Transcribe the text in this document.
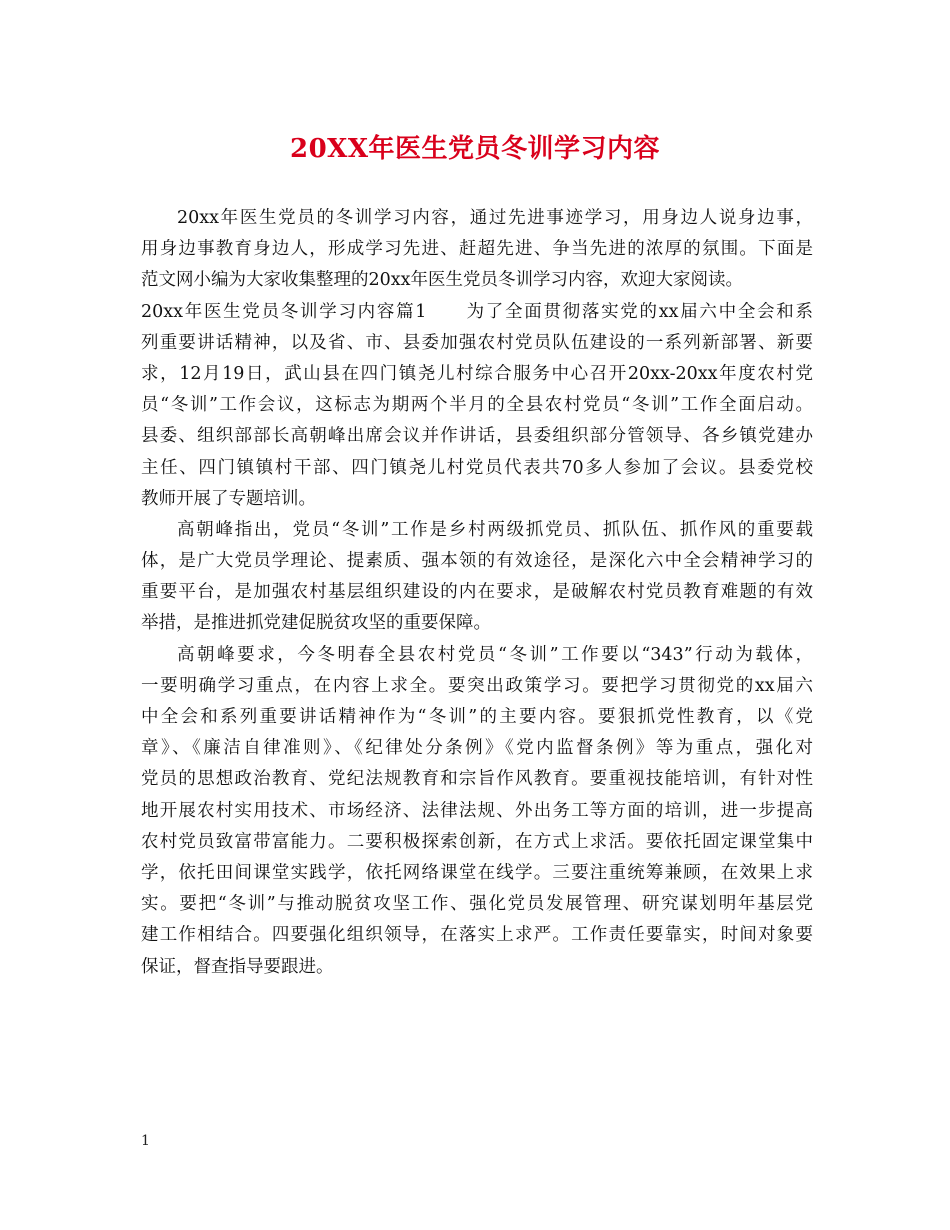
20XX年医生党员冬训学习内容
20xx年医生党员的冬训学习内容，通过先进事迹学习，用身边人说身边事，
用身边事教育身边人，形成学习先进、赶超先进、争当先进的浓厚的氛围。下面是
范文网小编为大家收集整理的20xx年医生党员冬训学习内容，欢迎大家阅读。
20xx年医生党员冬训学习内容篇1　　为了全面贯彻落实党的xx届六中全会和系
列重要讲话精神，以及省、市、县委加强农村党员队伍建设的一系列新部署、新要
求，12月19日，武山县在四门镇尧儿村综合服务中心召开20xx-20xx年度农村党
员“冬训”工作会议，这标志为期两个半月的全县农村党员“冬训”工作全面启动。
县委、组织部部长高朝峰出席会议并作讲话，县委组织部分管领导、各乡镇党建办
主任、四门镇镇村干部、四门镇尧儿村党员代表共70多人参加了会议。县委党校
教师开展了专题培训。
高朝峰指出，党员“冬训”工作是乡村两级抓党员、抓队伍、抓作风的重要载
体，是广大党员学理论、提素质、强本领的有效途径，是深化六中全会精神学习的
重要平台，是加强农村基层组织建设的内在要求，是破解农村党员教育难题的有效
举措，是推进抓党建促脱贫攻坚的重要保障。
高朝峰要求，今冬明春全县农村党员“冬训”工作要以“343”行动为载体，
一要明确学习重点，在内容上求全。要突出政策学习。要把学习贯彻党的xx届六
中全会和系列重要讲话精神作为“冬训”的主要内容。要狠抓党性教育，以《党
章》、《廉洁自律准则》、《纪律处分条例》《党内监督条例》等为重点，强化对
党员的思想政治教育、党纪法规教育和宗旨作风教育。要重视技能培训，有针对性
地开展农村实用技术、市场经济、法律法规、外出务工等方面的培训，进一步提高
农村党员致富带富能力。二要积极探索创新，在方式上求活。要依托固定课堂集中
学，依托田间课堂实践学，依托网络课堂在线学。三要注重统筹兼顾，在效果上求
实。要把“冬训”与推动脱贫攻坚工作、强化党员发展管理、研究谋划明年基层党
建工作相结合。四要强化组织领导，在落实上求严。工作责任要靠实，时间对象要
保证，督查指导要跟进。
1
